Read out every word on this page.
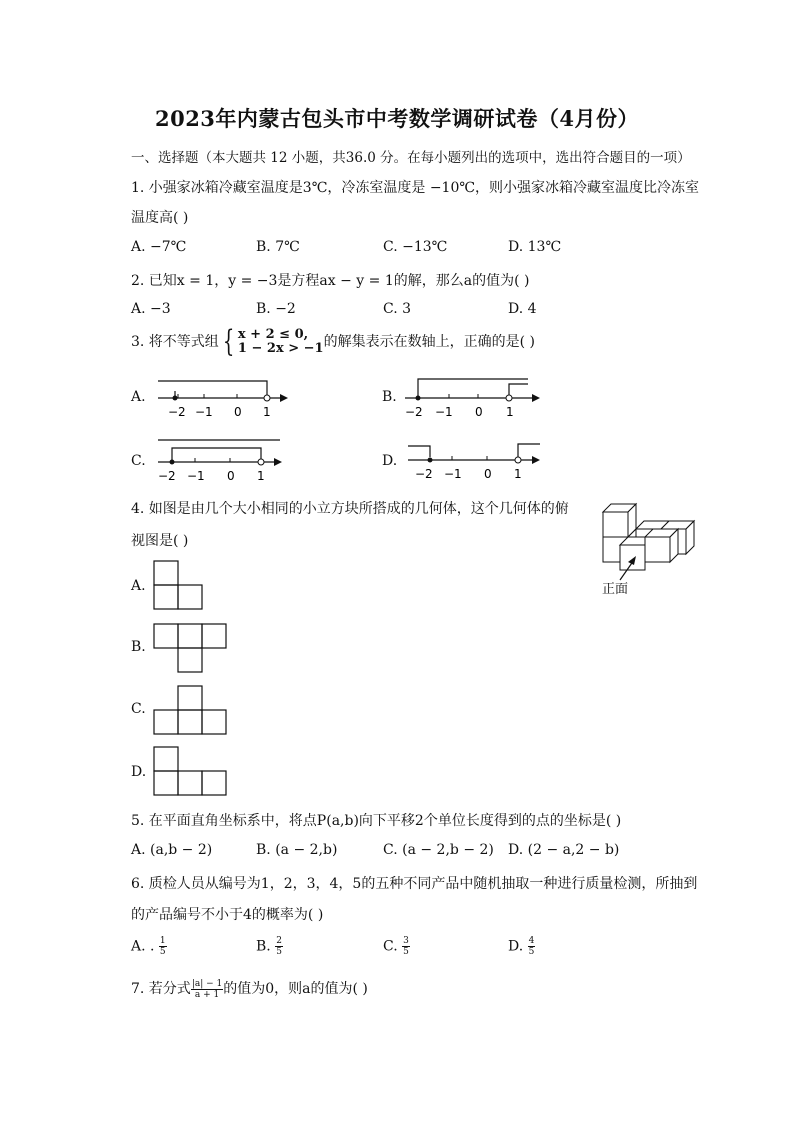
2023年内蒙古包头市中考数学调研试卷（4月份）
一、选择题（本大题共 12 小题，共36.0 分。在每小题列出的选项中，选出符合题目的一项）
1. 小强家冰箱冷藏室温度是3℃，冷冻室温度是 −10℃，则小强家冰箱冷藏室温度比冷冻室
温度高( )
A. −7℃	B. 7℃	C. −13℃	D. 13℃
2. 已知x = 1，y = −3是方程ax − y = 1的解，那么a的值为( )
A. −3	B. −2	C. 3	D. 4
3. 将不等式组 { x + 2 ≤ 0,
1 − 2x > −1 的解集表示在数轴上，正确的是( )
A.	B.
C.	D.
−2 −1 0 1	−2 −1 0 1
−2 −1 0 1	−2 −1 0 1
4. 如图是由几个大小相同的小立方块所搭成的几何体，这个几何体的俯
视图是( )
正面
A.
B.
C.
D.
5. 在平面直角坐标系中，将点P(a,b)向下平移2个单位长度得到的点的坐标是( )
A. (a,b − 2)	B. (a − 2,b)	C. (a − 2,b − 2) D. (2 − a,2 − b)
6. 质检人员从编号为1，2，3，4，5的五种不同产品中随机抽取一种进行质量检测，所抽到
的产品编号不小于4的概率为( )
A. . $\frac{1}{5}$	B. $\frac{2}{5}$	C. $\frac{3}{5}$	D. $\frac{4}{5}$
7. 若分式 $\frac{|a| - 1}{a + 1}$ 的值为0，则a的值为( )
